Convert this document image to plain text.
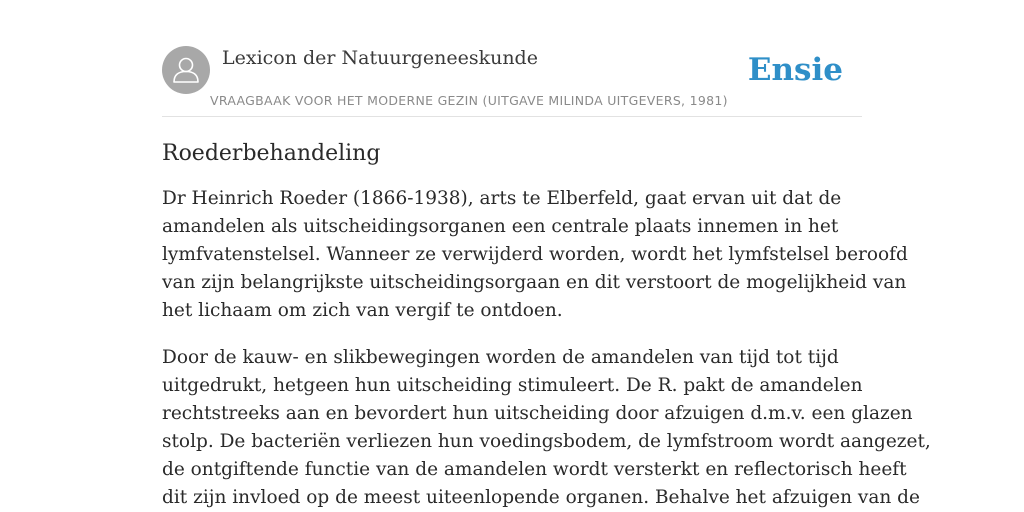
Lexicon der Natuurgeneeskunde
VRAAGBAAK VOOR HET MODERNE GEZIN (UITGAVE MILINDA UITGEVERS, 1981)
Ensie
Roederbehandeling

Dr Heinrich Roeder (1866-1938), arts te Elberfeld, gaat ervan uit dat de
amandelen als uitscheidingsorganen een centrale plaats innemen in het
lymfvatenstelsel. Wanneer ze verwijderd worden, wordt het lymfstelsel beroofd
van zijn belangrijkste uitscheidingsorgaan en dit verstoort de mogelijkheid van
het lichaam om zich van vergif te ontdoen.

Door de kauw- en slikbewegingen worden de amandelen van tijd tot tijd
uitgedrukt, hetgeen hun uitscheiding stimuleert. De R. pakt de amandelen
rechtstreeks aan en bevordert hun uitscheiding door afzuigen d.m.v. een glazen
stolp. De bacteriën verliezen hun voedingsbodem, de lymfstroom wordt aangezet,
de ontgiftende functie van de amandelen wordt versterkt en reflectorisch heeft
dit zijn invloed op de meest uiteenlopende organen. Behalve het afzuigen van de
